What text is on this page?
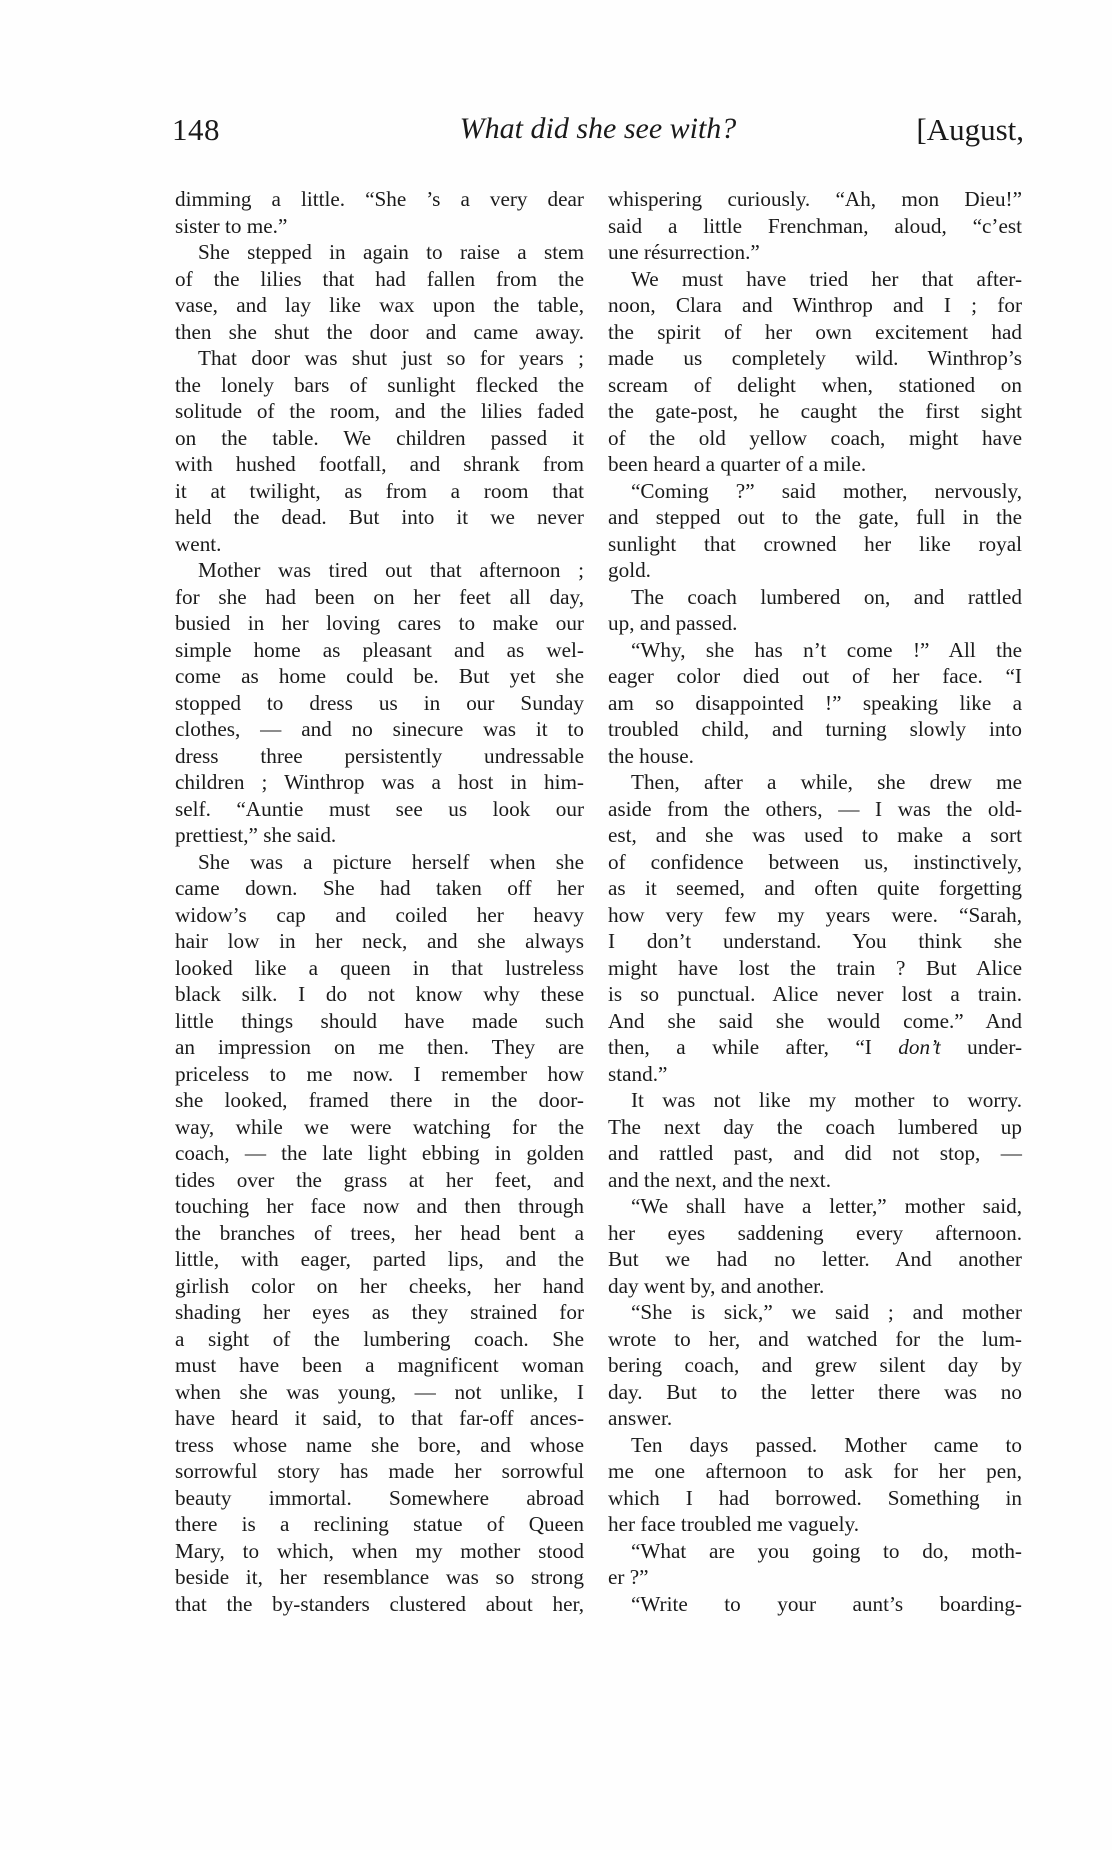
148	What did she see with?	[August,
dimming a little. “She ’s a very dear
sister to me.”
She stepped in again to raise a stem
of the lilies that had fallen from the
vase, and lay like wax upon the table,
then she shut the door and came away.
That door was shut just so for years ;
the lonely bars of sunlight flecked the
solitude of the room, and the lilies faded
on the table. We children passed it
with hushed footfall, and shrank from
it at twilight, as from a room that
held the dead. But into it we never
went.
Mother was tired out that afternoon ;
for she had been on her feet all day,
busied in her loving cares to make our
simple home as pleasant and as wel-
come as home could be. But yet she
stopped to dress us in our Sunday
clothes, — and no sinecure was it to
dress three persistently undressable
children ; Winthrop was a host in him-
self. “Auntie must see us look our
prettiest,” she said.
She was a picture herself when she
came down. She had taken off her
widow’s cap and coiled her heavy
hair low in her neck, and she always
looked like a queen in that lustreless
black silk. I do not know why these
little things should have made such
an impression on me then. They are
priceless to me now. I remember how
she looked, framed there in the door-
way, while we were watching for the
coach, — the late light ebbing in golden
tides over the grass at her feet, and
touching her face now and then through
the branches of trees, her head bent a
little, with eager, parted lips, and the
girlish color on her cheeks, her hand
shading her eyes as they strained for
a sight of the lumbering coach. She
must have been a magnificent woman
when she was young, — not unlike, I
have heard it said, to that far-off ances-
tress whose name she bore, and whose
sorrowful story has made her sorrowful
beauty immortal. Somewhere abroad
there is a reclining statue of Queen
Mary, to which, when my mother stood
beside it, her resemblance was so strong
that the by-standers clustered about her,
whispering curiously. “Ah, mon Dieu!”
said a little Frenchman, aloud, “c’est
une résurrection.”
We must have tried her that after-
noon, Clara and Winthrop and I ; for
the spirit of her own excitement had
made us completely wild. Winthrop’s
scream of delight when, stationed on
the gate-post, he caught the first sight
of the old yellow coach, might have
been heard a quarter of a mile.
“Coming ?” said mother, nervously,
and stepped out to the gate, full in the
sunlight that crowned her like royal
gold.
The coach lumbered on, and rattled
up, and passed.
“Why, she has n’t come !” All the
eager color died out of her face. “I
am so disappointed !” speaking like a
troubled child, and turning slowly into
the house.
Then, after a while, she drew me
aside from the others, — I was the old-
est, and she was used to make a sort
of confidence between us, instinctively,
as it seemed, and often quite forgetting
how very few my years were. “Sarah,
I don’t understand. You think she
might have lost the train ? But Alice
is so punctual. Alice never lost a train.
And she said she would come.” And
then, a while after, “I don’t under-
stand.”
It was not like my mother to worry.
The next day the coach lumbered up
and rattled past, and did not stop, —
and the next, and the next.
“We shall have a letter,” mother said,
her eyes saddening every afternoon.
But we had no letter. And another
day went by, and another.
“She is sick,” we said ; and mother
wrote to her, and watched for the lum-
bering coach, and grew silent day by
day. But to the letter there was no
answer.
Ten days passed. Mother came to
me one afternoon to ask for her pen,
which I had borrowed. Something in
her face troubled me vaguely.
“What are you going to do, moth-
er ?”
“Write to your aunt’s boarding-
